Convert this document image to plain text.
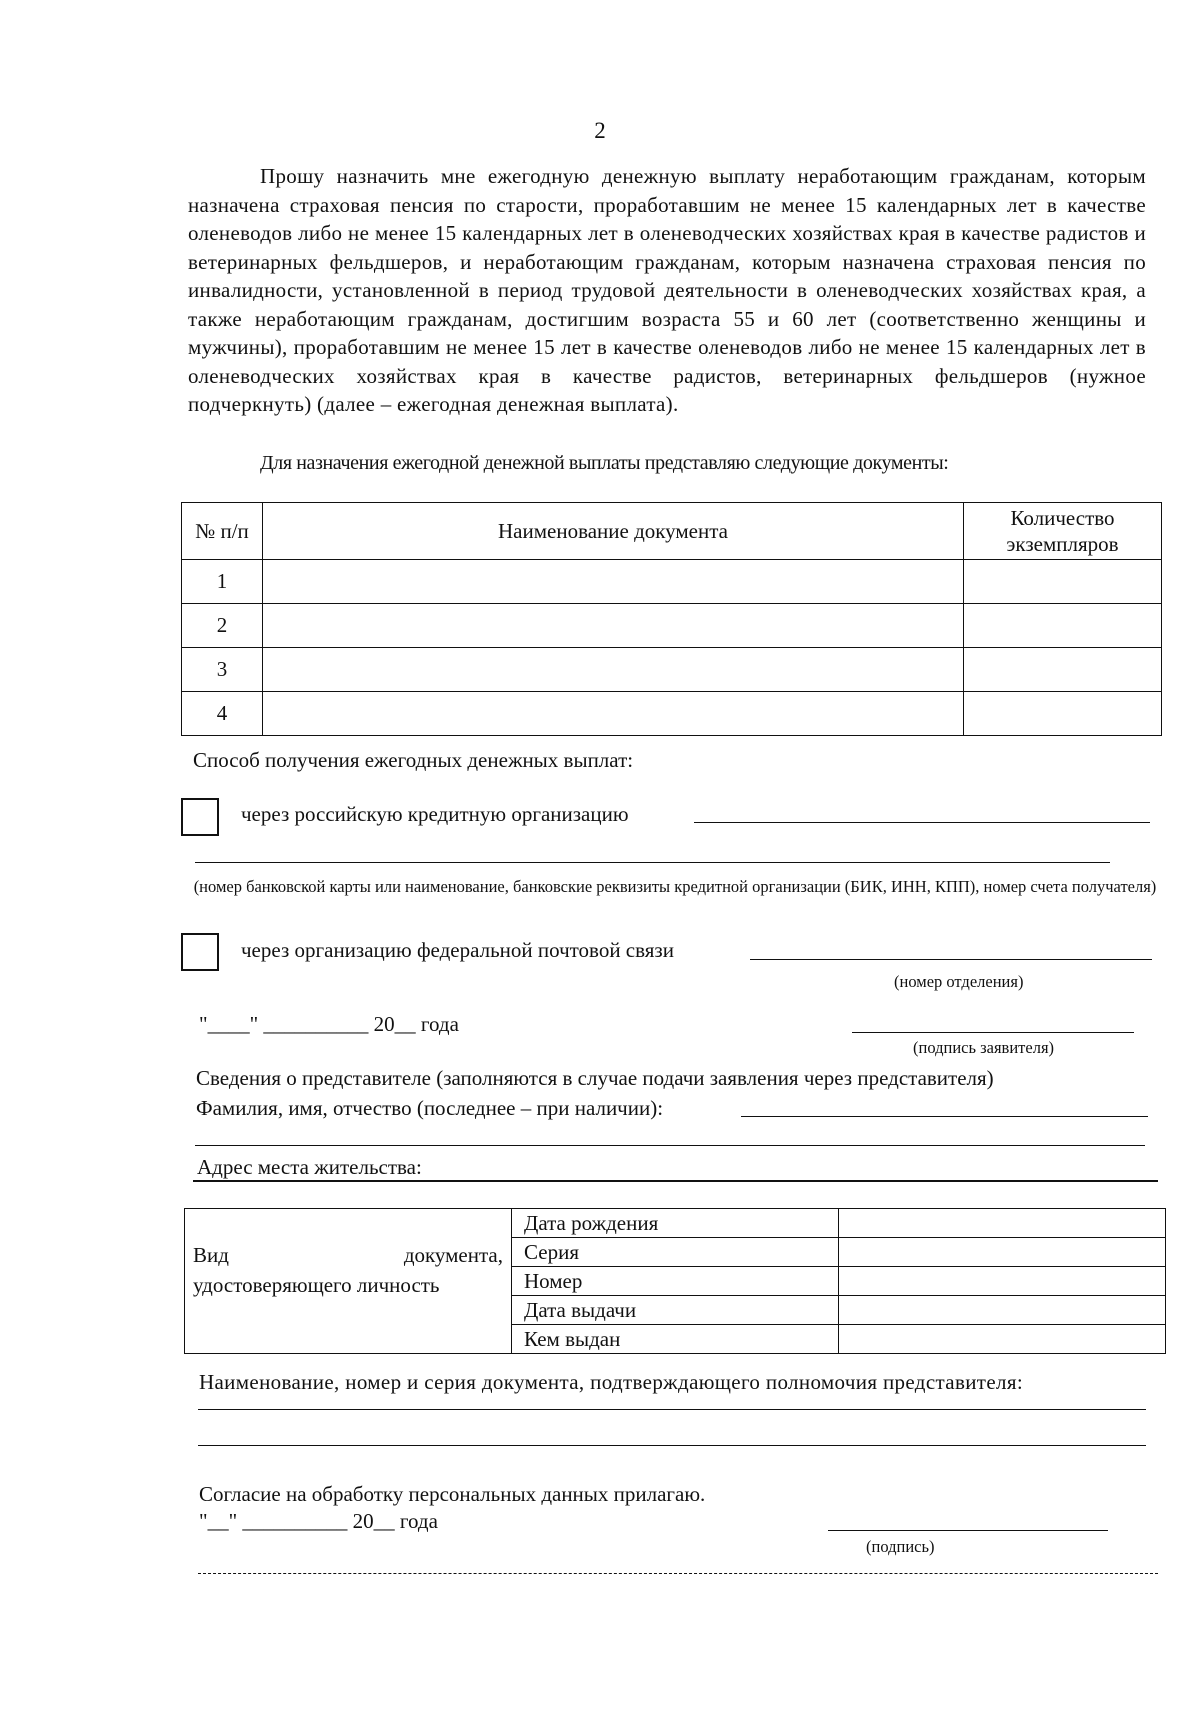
2

Прошу назначить мне ежегодную денежную выплату неработающим гражданам, которым назначена страховая пенсия по старости, проработавшим не менее 15 календарных лет в качестве оленеводов либо не менее 15 календарных лет в оленеводческих хозяйствах края в качестве радистов и ветеринарных фельдшеров, и неработающим гражданам, которым назначена страховая пенсия по инвалидности, установленной в период трудовой деятельности в оленеводческих хозяйствах края, а также неработающим гражданам, достигшим возраста 55 и 60 лет (соответственно женщины и мужчины), проработавшим не менее 15 лет в качестве оленеводов либо не менее 15 календарных лет в оленеводческих хозяйствах края в качестве радистов, ветеринарных фельдшеров (нужное подчеркнуть) (далее – ежегодная денежная выплата).

Для назначения ежегодной денежной выплаты представляю следующие документы:
№ п/п	Наименование документа	Количество экземпляров
1		
2		
3		
4		
Способ получения ежегодных денежных выплат:
через российскую кредитную организацию
(номер банковской карты или наименование, банковские реквизиты кредитной организации (БИК, ИНН, КПП), номер счета получателя)
через организацию федеральной почтовой связи
(номер отделения)
"____" __________ 20__ года
(подпись заявителя)
Сведения о представителе (заполняются в случае подачи заявления через представителя)
Фамилия, имя, отчество (последнее – при наличии):
Адрес места жительства:
Вид документа,
удостоверяющего личность	Дата рождения	
	Серия	
	Номер	
	Дата выдачи	
	Кем выдан	
Наименование, номер и серия документа, подтверждающего полномочия представителя:
Согласие на обработку персональных данных прилагаю.
"__" __________ 20__ года
(подпись)
